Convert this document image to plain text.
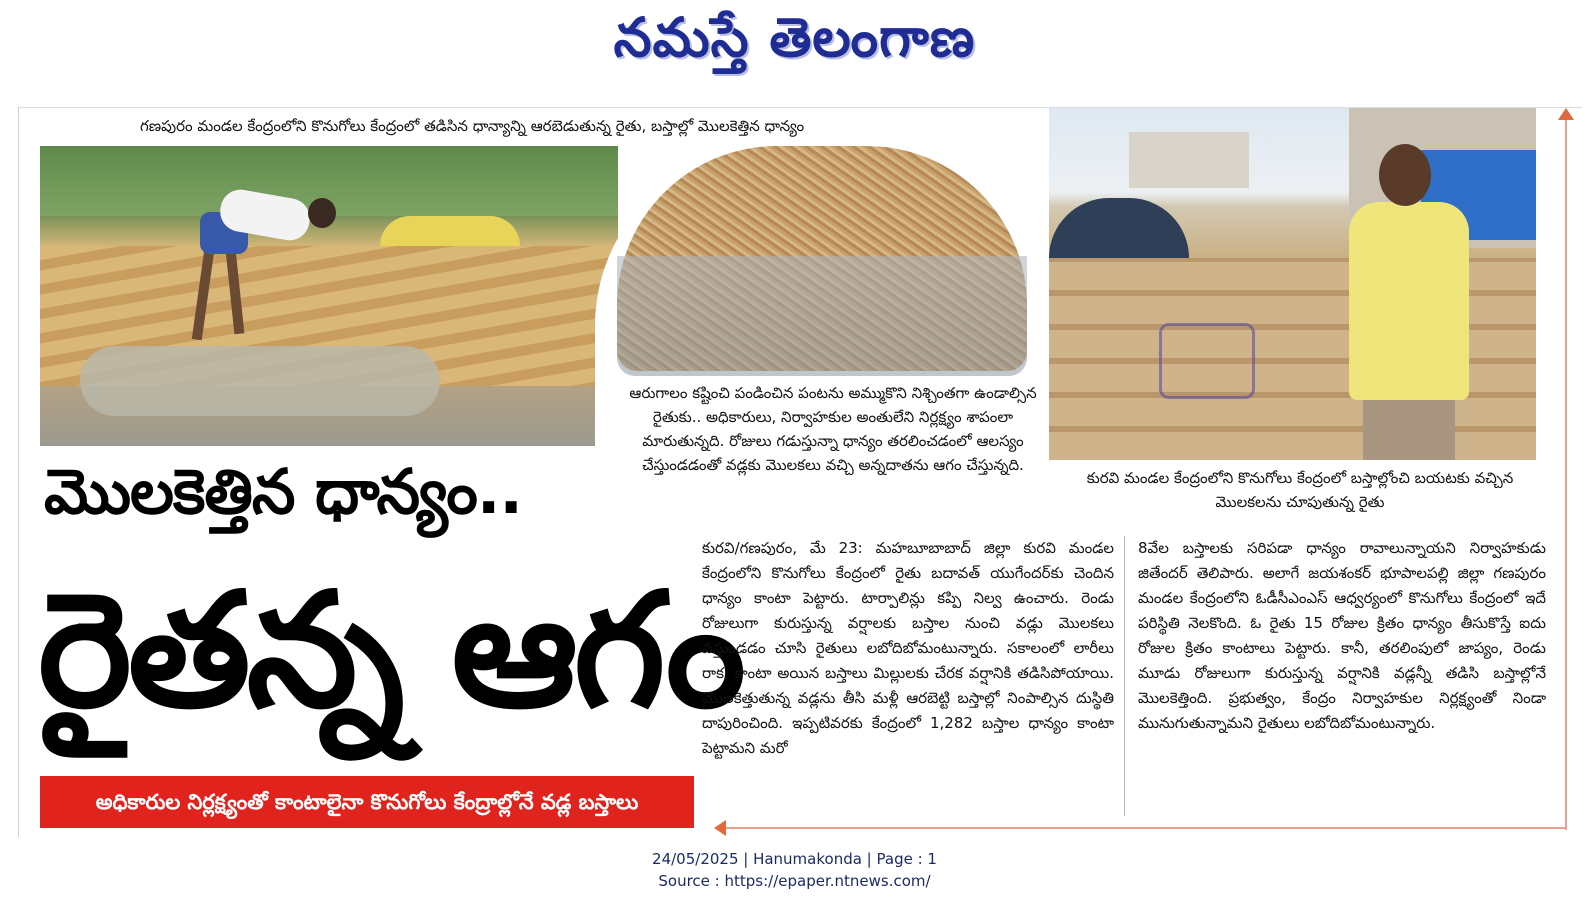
నమస్తే తెలంగాణ
గణపురం మండల కేంద్రంలోని కొనుగోలు కేంద్రంలో తడిసిన ధాన్యాన్ని ఆరబెడుతున్న రైతు, బస్తాల్లో మొలకెత్తిన ధాన్యం
ఆరుగాలం కష్టించి పండించిన పంటను అమ్ముకొని నిశ్చింతగా ఉండాల్సిన రైతుకు.. అధికారులు, నిర్వాహకుల అంతులేని నిర్లక్ష్యం శాపంలా మారుతున్నది. రోజులు గడుస్తున్నా ధాన్యం తరలించడంలో ఆలస్యం చేస్తుండడంతో వడ్లకు మొలకలు వచ్చి అన్నదాతను ఆగం చేస్తున్నది.
కురవి మండల కేంద్రంలోని కొనుగోలు కేంద్రంలో బస్తాల్లోంచి బయటకు వచ్చిన మొలకలను చూపుతున్న రైతు
మొలకెత్తిన ధాన్యం..
రైతన్న ఆగం
అధికారుల నిర్లక్ష్యంతో కాంటాలైనా కొనుగోలు కేంద్రాల్లోనే వడ్ల బస్తాలు
కురవి/గణపురం, మే 23: మహబూబాబాద్ జిల్లా కురవి మండల కేంద్రంలోని కొనుగోలు కేంద్రంలో రైతు బదావత్ యుగేందర్‌కు చెందిన ధాన్యం కాంటా పెట్టారు. టార్పాలిన్లు కప్పి నిల్వ ఉంచారు. రెండు రోజులుగా కురుస్తున్న వర్షాలకు బస్తాల నుంచి వడ్లు మొలకలు వస్తుండడం చూసి రైతులు లబోదిబోమంటున్నారు. సకాలంలో లారీలు రాక, కాంటా అయిన బస్తాలు మిల్లులకు చేరక వర్షానికి తడిసిపోయాయి. మొలకెత్తుతున్న వడ్లను తీసి మళ్లీ ఆరబెట్టి బస్తాల్లో నింపాల్సిన దుస్థితి దాపురించింది. ఇప్పటివరకు కేంద్రంలో 1,282 బస్తాల ధాన్యం కాంటా పెట్టామని మరో
8వేల బస్తాలకు సరిపడా ధాన్యం రావాలున్నాయని నిర్వాహకుడు జితేందర్ తెలిపారు. అలాగే జయశంకర్ భూపాలపల్లి జిల్లా గణపురం మండల కేంద్రంలోని ఓడీసీఎంఎస్ ఆధ్వర్యంలో కొనుగోలు కేంద్రంలో ఇదే పరిస్థితి నెలకొంది. ఓ రైతు 15 రోజుల క్రితం ధాన్యం తీసుకొస్తే ఐదు రోజుల క్రితం కాంటాలు పెట్టారు. కానీ, తరలింపులో జాప్యం, రెండు మూడు రోజులుగా కురుస్తున్న వర్షానికి వడ్లన్నీ తడిసి బస్తాల్లోనే మొలకెత్తింది. ప్రభుత్వం, కేంద్రం నిర్వాహకుల నిర్లక్ష్యంతో నిండా మునుగుతున్నామని రైతులు లబోదిబోమంటున్నారు.
24/05/2025 | Hanumakonda | Page : 1
Source : https://epaper.ntnews.com/
